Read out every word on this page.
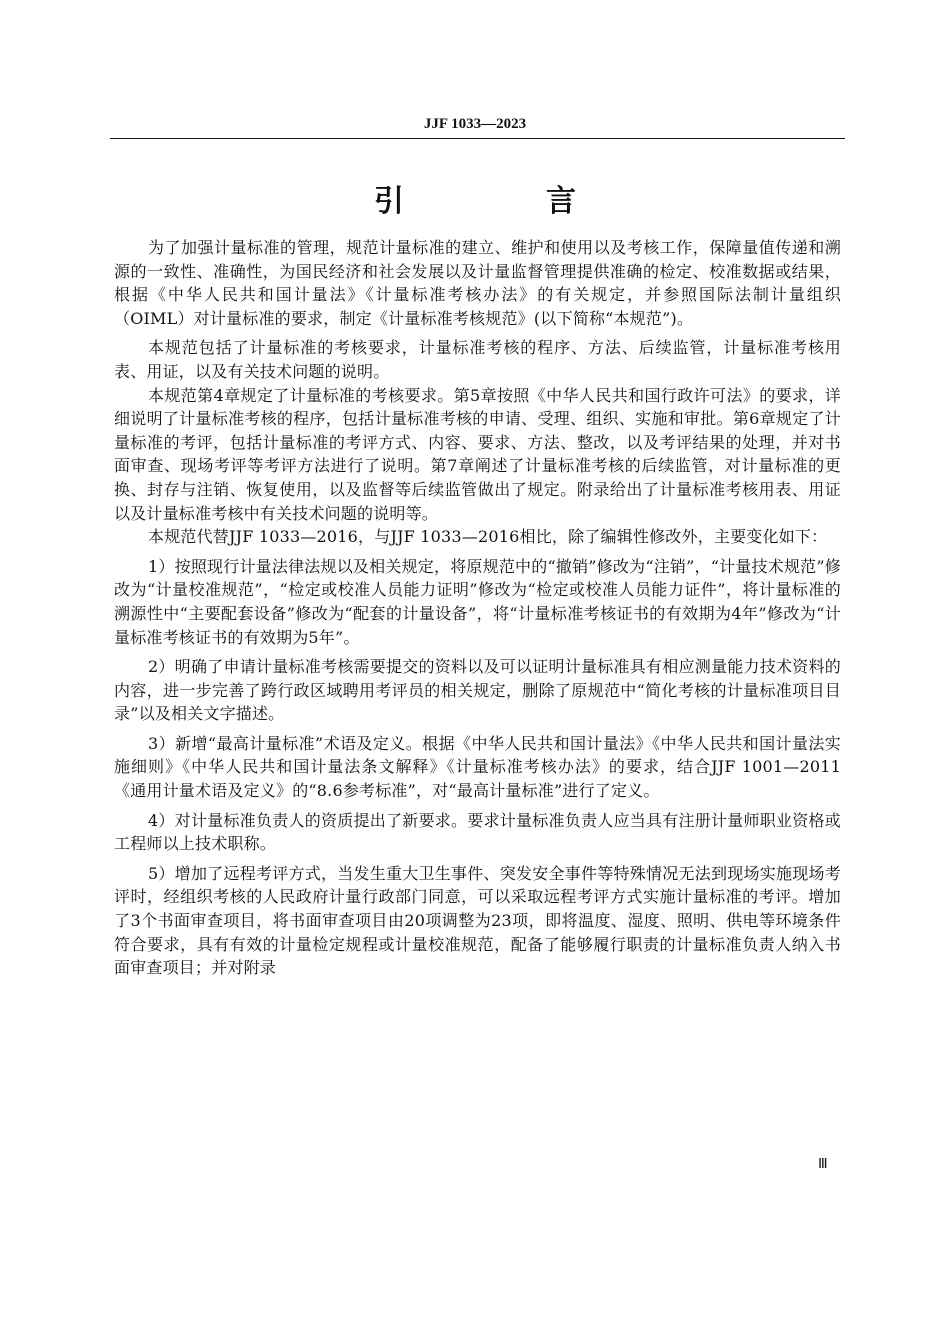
JJF 1033—2023
引　言

为了加强计量标准的管理，规范计量标准的建立、维护和使用以及考核工作，保障量值传递和溯源的一致性、准确性，为国民经济和社会发展以及计量监督管理提供准确的检定、校准数据或结果，根据《中华人民共和国计量法》《计量标准考核办法》的有关规定，并参照国际法制计量组织（OIML）对计量标准的要求，制定《计量标准考核规范》(以下简称“本规范”)。

本规范包括了计量标准的考核要求，计量标准考核的程序、方法、后续监管，计量标准考核用表、用证，以及有关技术问题的说明。

本规范第4章规定了计量标准的考核要求。第5章按照《中华人民共和国行政许可法》的要求，详细说明了计量标准考核的程序，包括计量标准考核的申请、受理、组织、实施和审批。第6章规定了计量标准的考评，包括计量标准的考评方式、内容、要求、方法、整改，以及考评结果的处理，并对书面审查、现场考评等考评方法进行了说明。第7章阐述了计量标准考核的后续监管，对计量标准的更换、封存与注销、恢复使用，以及监督等后续监管做出了规定。附录给出了计量标准考核用表、用证以及计量标准考核中有关技术问题的说明等。

本规范代替JJF 1033—2016，与JJF 1033—2016相比，除了编辑性修改外，主要变化如下：

1）按照现行计量法律法规以及相关规定，将原规范中的“撤销”修改为“注销”，“计量技术规范”修改为“计量校准规范”，“检定或校准人员能力证明”修改为“检定或校准人员能力证件”，将计量标准的溯源性中“主要配套设备”修改为“配套的计量设备”，将“计量标准考核证书的有效期为4年”修改为“计量标准考核证书的有效期为5年”。

2）明确了申请计量标准考核需要提交的资料以及可以证明计量标准具有相应测量能力技术资料的内容，进一步完善了跨行政区域聘用考评员的相关规定，删除了原规范中“简化考核的计量标准项目目录”以及相关文字描述。

3）新增“最高计量标准”术语及定义。根据《中华人民共和国计量法》《中华人民共和国计量法实施细则》《中华人民共和国计量法条文解释》《计量标准考核办法》的要求，结合JJF 1001—2011《通用计量术语及定义》的“8.6参考标准”，对“最高计量标准”进行了定义。

4）对计量标准负责人的资质提出了新要求。要求计量标准负责人应当具有注册计量师职业资格或工程师以上技术职称。

5）增加了远程考评方式，当发生重大卫生事件、突发安全事件等特殊情况无法到现场实施现场考评时，经组织考核的人民政府计量行政部门同意，可以采取远程考评方式实施计量标准的考评。增加了3个书面审查项目，将书面审查项目由20项调整为23项，即将温度、湿度、照明、供电等环境条件符合要求，具有有效的计量检定规程或计量校准规范，配备了能够履行职责的计量标准负责人纳入书面审查项目；并对附录

Ⅲ
